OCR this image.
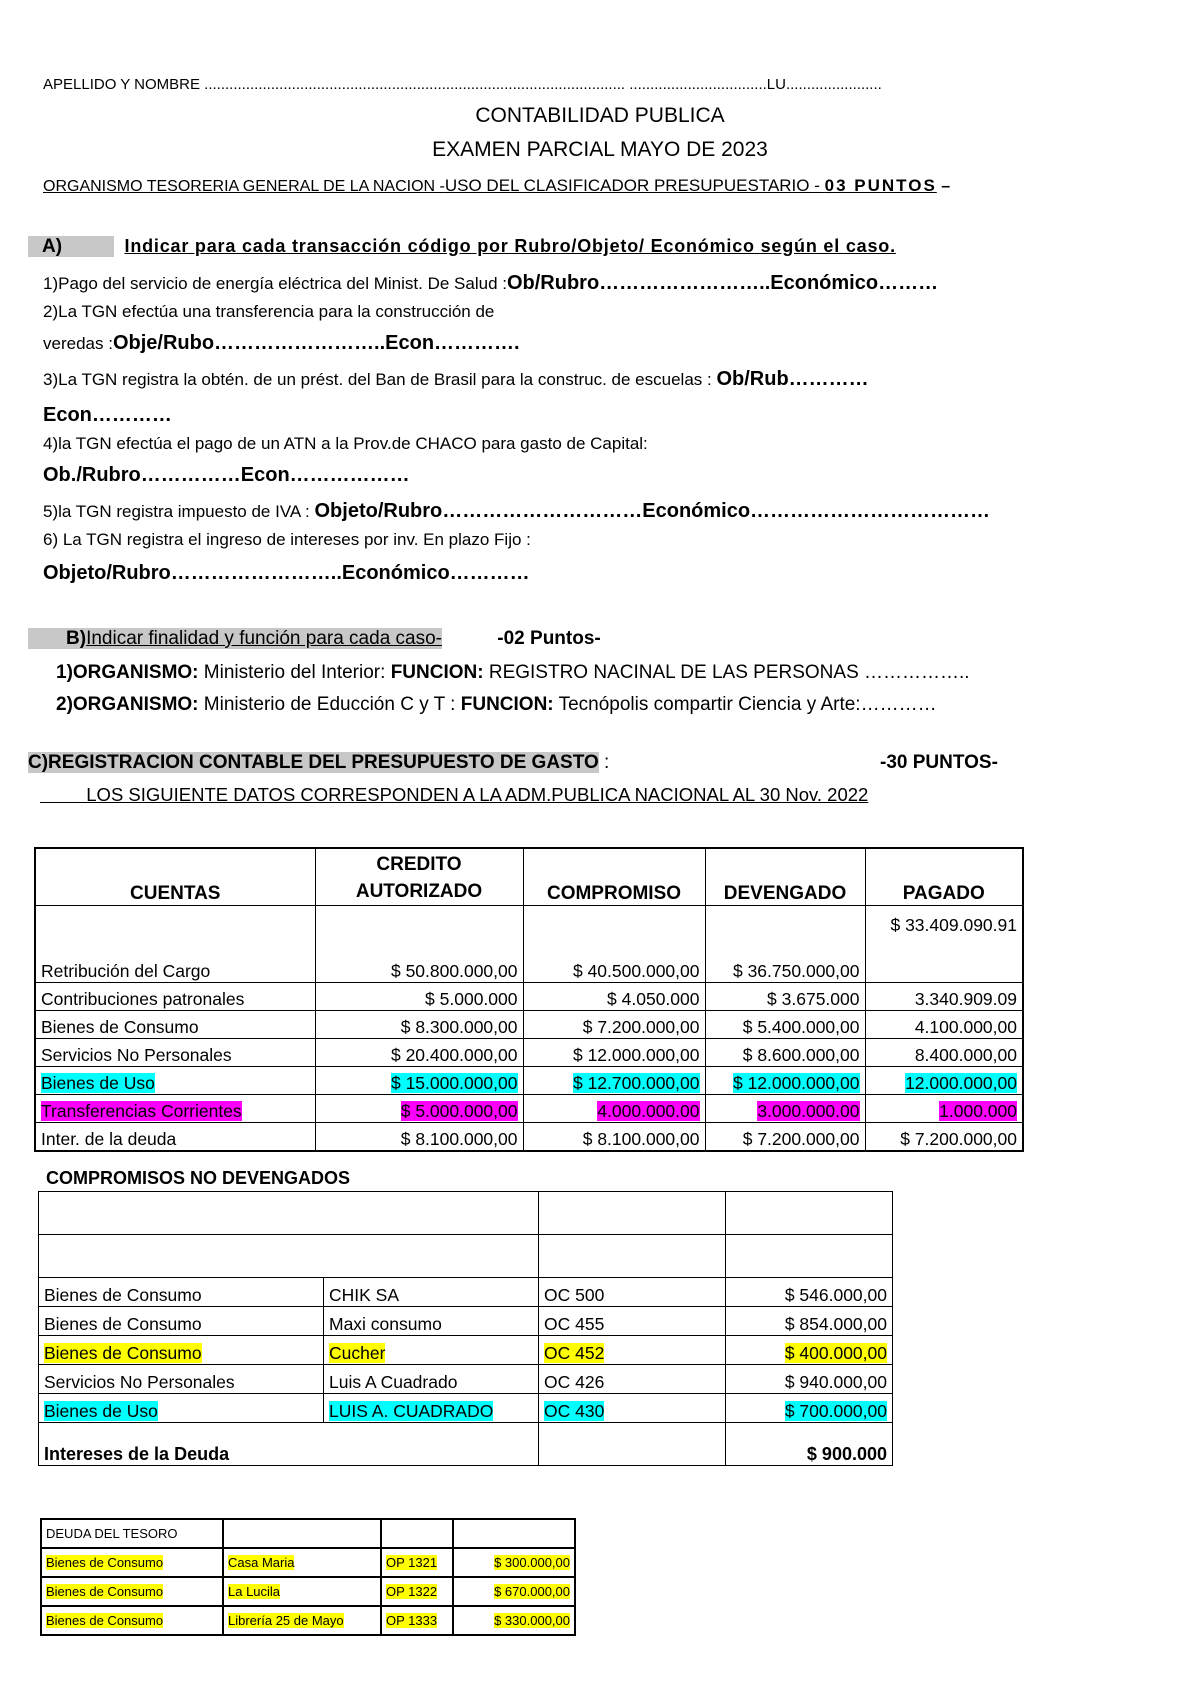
APELLIDO Y NOMBRE ..................................................................................................... .................................LU.......................
CONTABILIDAD PUBLICA
EXAMEN PARCIAL MAYO DE 2023
ORGANISMO TESORERIA GENERAL DE LA NACION -USO DEL CLASIFICADOR PRESUPUESTARIO - 03 PUNTOS –
A)	Indicar para cada transacción código por Rubro/Objeto/ Económico según el caso.
1)Pago del servicio de energía eléctrica del Minist. De Salud :Ob/Rubro……………………..Económico………
2)La TGN efectúa una transferencia para la construcción de
veredas :Obje/Rubo……………………..Econ………….
3)La TGN registra la obtén. de un prést. del Ban de Brasil para la construc. de escuelas : Ob/Rub…………
Econ…………
4)la TGN efectúa el pago de un ATN a la Prov.de CHACO para gasto de Capital:
Ob./Rubro……………Econ………………
5)la TGN registra impuesto de IVA : Objeto/Rubro…………………………Económico………………………………
6) La TGN registra el ingreso de intereses por inv. En plazo Fijo :
Objeto/Rubro……………………..Económico…………
B)Indicar finalidad y función para cada caso-	-02 Puntos-
1)ORGANISMO: Ministerio del Interior: FUNCION: REGISTRO NACINAL DE LAS PERSONAS ……………..
2)ORGANISMO: Ministerio de Educción C y T : FUNCION: Tecnópolis compartir Ciencia y Arte:…………
C)REGISTRACION CONTABLE DEL PRESUPUESTO DE GASTO :	-30 PUNTOS-
LOS SIGUIENTE DATOS CORRESPONDEN A LA ADM.PUBLICA NACIONAL AL 30 Nov. 2022
CUENTAS	CREDITO AUTORIZADO	COMPROMISO	DEVENGADO	PAGADO
Retribución del Cargo	$ 50.800.000,00	$ 40.500.000,00	$ 36.750.000,00	$ 33.409.090.91
Contribuciones patronales	$ 5.000.000	$ 4.050.000	$ 3.675.000	3.340.909.09
Bienes de Consumo	$ 8.300.000,00	$ 7.200.000,00	$ 5.400.000,00	4.100.000,00
Servicios No Personales	$ 20.400.000,00	$ 12.000.000,00	$ 8.600.000,00	8.400.000,00
Bienes de Uso	$ 15.000.000,00	$ 12.700.000,00	$ 12.000.000,00	12.000.000,00
Transferencias Corrientes	$ 5.000.000,00	4.000.000.00	3.000.000.00	1.000.000
Inter. de la deuda	$ 8.100.000,00	$ 8.100.000,00	$ 7.200.000,00	$ 7.200.000,00
COMPROMISOS NO DEVENGADOS

Bienes de Consumo	CHIK SA	OC 500	$ 546.000,00
Bienes de Consumo	Maxi consumo	OC 455	$ 854.000,00
Bienes de Consumo	Cucher	OC 452	$ 400.000,00
Servicios No Personales	Luis A Cuadrado	OC 426	$ 940.000,00
Bienes de Uso	LUIS A. CUADRADO	OC 430	$ 700.000,00
Intereses de la Deuda			$ 900.000
DEUDA DEL TESORO			
Bienes de Consumo	Casa Maria	OP 1321	$ 300.000,00
Bienes de Consumo	La Lucila	OP 1322	$ 670.000,00
Bienes de Consumo	Librería 25 de Mayo	OP 1333	$ 330.000,00
